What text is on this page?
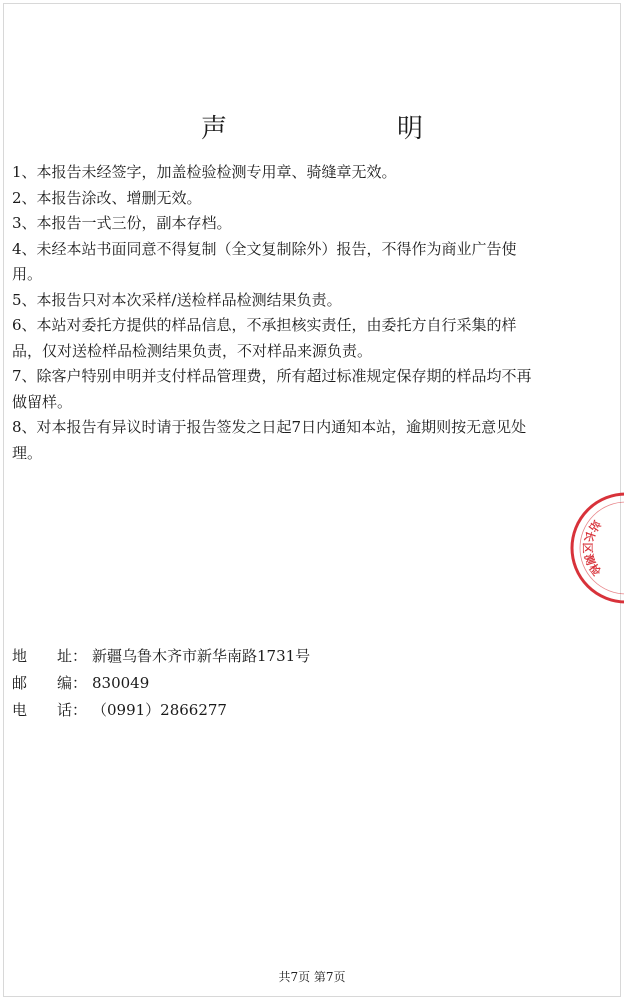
声　明

1、本报告未经签字，加盖检验检测专用章、骑缝章无效。

2、本报告涂改、增删无效。

3、本报告一式三份，副本存档。

4、未经本站书面同意不得复制（全文复制除外）报告，不得作为商业广告使用。

5、本报告只对本次采样/送检样品检测结果负责。

6、本站对委托方提供的样品信息，不承担核实责任，由委托方自行采集的样品，仅对送检样品检测结果负责，不对样品来源负责。

7、除客户特别申明并支付样品管理费，所有超过标准规定保存期的样品均不再做留样。

8、对本报告有异议时请于报告签发之日起7日内通知本站，逾期则按无意见处理。

地　　址： 新疆乌鲁木齐市新华南路1731号
邮　　编： 830049
电　　话： （0991）2866277
站
长
区
测
检
共7页 第7页
